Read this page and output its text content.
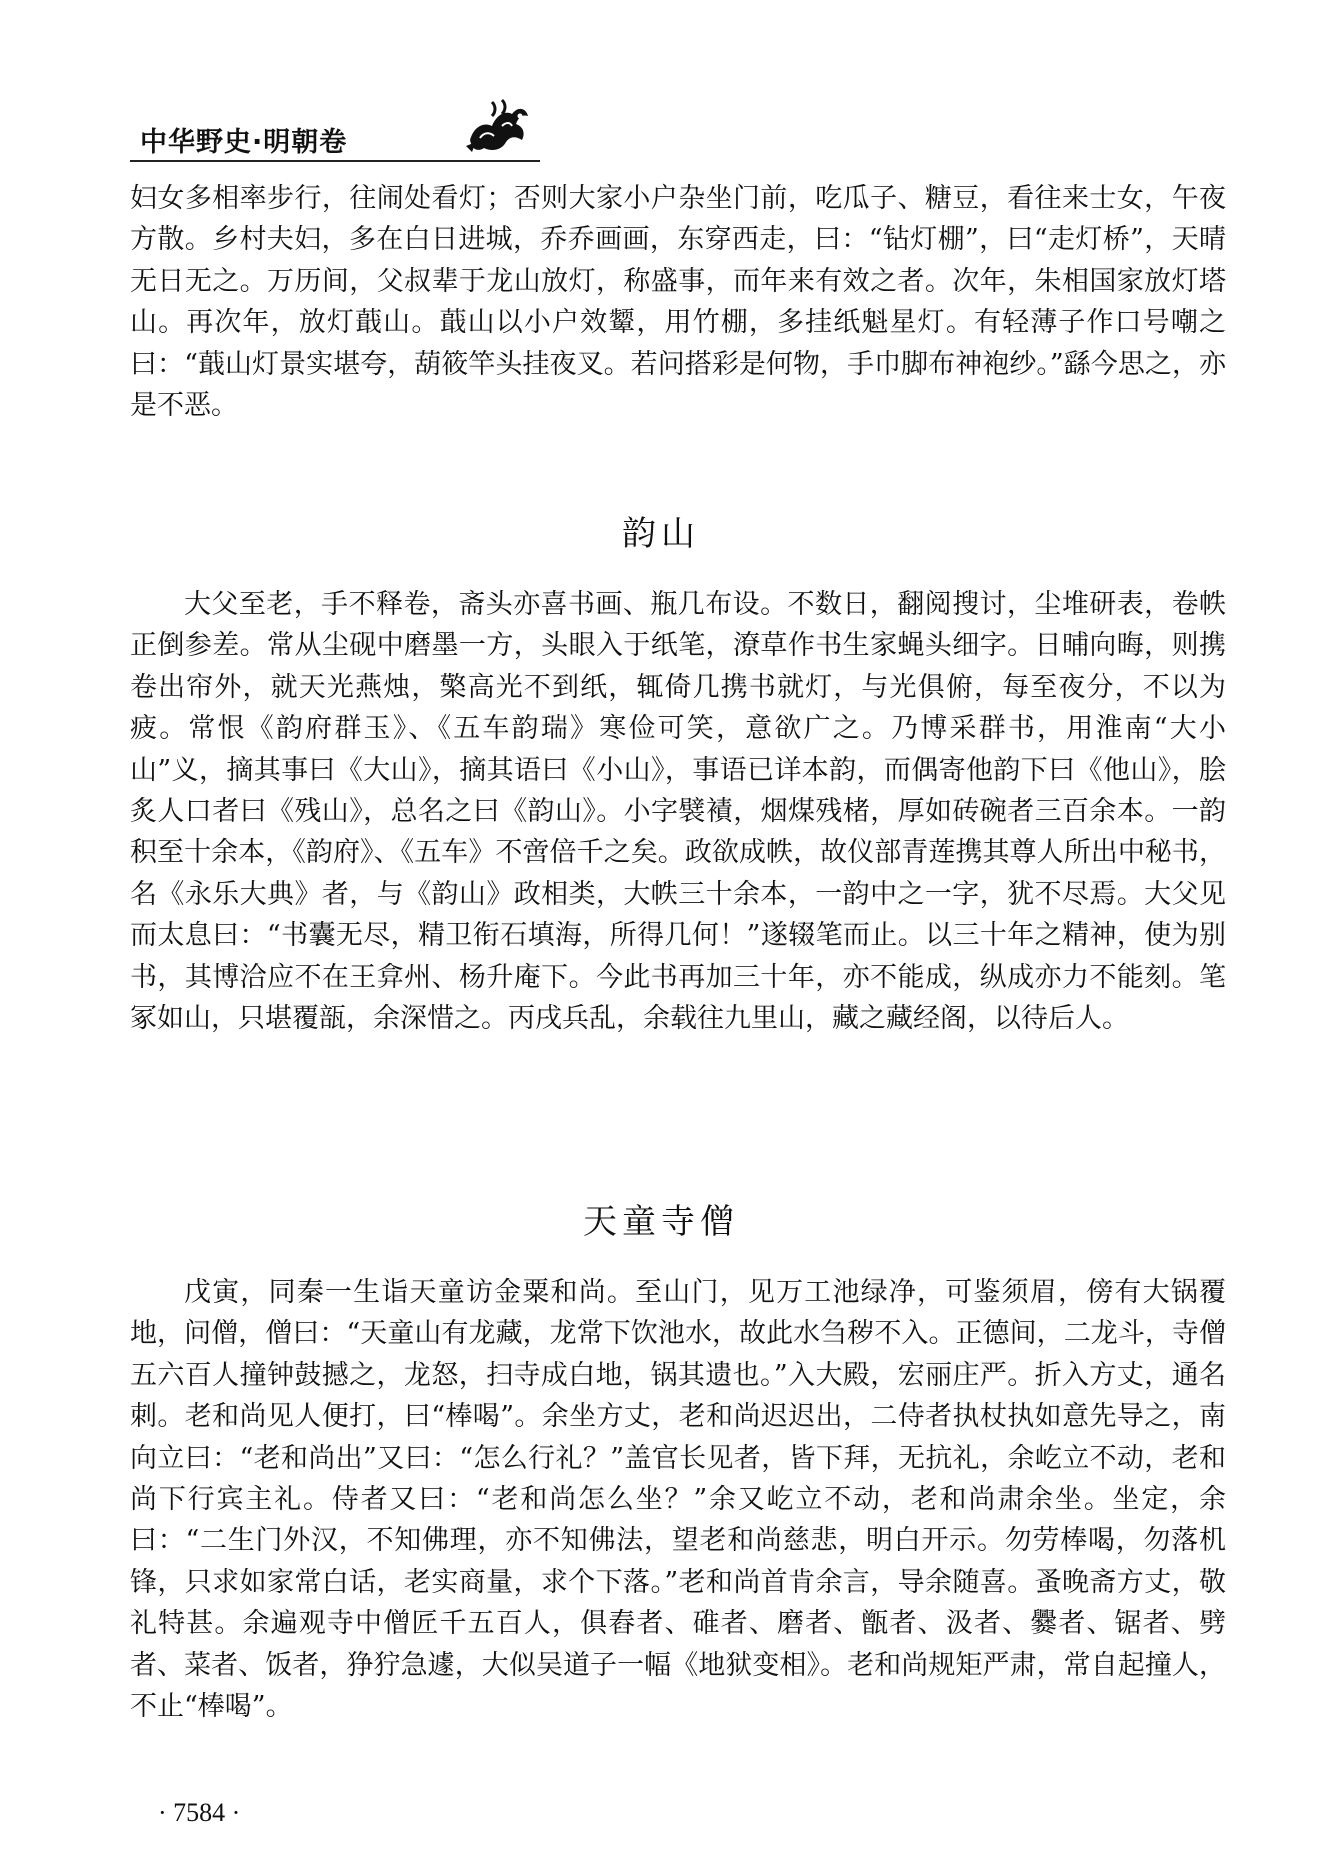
中华野史·明朝卷

妇女多相率步行，往闹处看灯；否则大家小户杂坐门前，吃瓜子、糖豆，看往来士女，午夜方散。乡村夫妇，多在白日进城，乔乔画画，东穿西走，曰：“钻灯棚”，曰“走灯桥”，天晴无日无之。万历间，父叔辈于龙山放灯，称盛事，而年来有效之者。次年，朱相国家放灯塔山。再次年，放灯蕺山。蕺山以小户效颦，用竹棚，多挂纸魁星灯。有轻薄子作口号嘲之曰：“蕺山灯景实堪夸，葫筱竿头挂夜叉。若问搭彩是何物，手巾脚布神袍纱。”繇今思之，亦是不恶。

韵山

大父至老，手不释卷，斋头亦喜书画、瓶几布设。不数日，翻阅搜讨，尘堆研表，卷帙正倒参差。常从尘砚中磨墨一方，头眼入于纸笔，潦草作书生家蝇头细字。日晡向晦，则携卷出帘外，就天光燕烛，檠高光不到纸，辄倚几携书就灯，与光俱俯，每至夜分，不以为疲。常恨《韵府群玉》、《五车韵瑞》寒俭可笑，意欲广之。乃博采群书，用淮南“大小山”义，摘其事曰《大山》，摘其语曰《小山》，事语已详本韵，而偶寄他韵下曰《他山》，脍炙人口者曰《残山》，总名之曰《韵山》。小字襞襀，烟煤残楮，厚如砖碗者三百余本。一韵积至十余本，《韵府》、《五车》不啻倍千之矣。政欲成帙，故仪部青莲携其尊人所出中秘书，名《永乐大典》者，与《韵山》政相类，大帙三十余本，一韵中之一字，犹不尽焉。大父见而太息曰：“书囊无尽，精卫衔石填海，所得几何！”遂辍笔而止。以三十年之精神，使为别书，其博洽应不在王弇州、杨升庵下。今此书再加三十年，亦不能成，纵成亦力不能刻。笔冢如山，只堪覆瓿，余深惜之。丙戌兵乱，余载往九里山，藏之藏经阁，以待后人。

天童寺僧

戊寅，同秦一生诣天童访金粟和尚。至山门，见万工池绿净，可鉴须眉，傍有大锅覆地，问僧，僧曰：“天童山有龙藏，龙常下饮池水，故此水刍秽不入。正德间，二龙斗，寺僧五六百人撞钟鼓撼之，龙怒，扫寺成白地，锅其遗也。”入大殿，宏丽庄严。折入方丈，通名刺。老和尚见人便打，曰“棒喝”。余坐方丈，老和尚迟迟出，二侍者执杖执如意先导之，南向立曰：“老和尚出”又曰：“怎么行礼？”盖官长见者，皆下拜，无抗礼，余屹立不动，老和尚下行宾主礼。侍者又曰：“老和尚怎么坐？”余又屹立不动，老和尚肃余坐。坐定，余曰：“二生门外汉，不知佛理，亦不知佛法，望老和尚慈悲，明白开示。勿劳棒喝，勿落机锋，只求如家常白话，老实商量，求个下落。”老和尚首肯余言，导余随喜。蚤晚斋方丈，敬礼特甚。余遍观寺中僧匠千五百人，俱舂者、碓者、磨者、甑者、汲者、爨者、锯者、劈者、菜者、饭者，狰狞急遽，大似吴道子一幅《地狱变相》。老和尚规矩严肃，常自起撞人，不止“棒喝”。

· 7584 ·
